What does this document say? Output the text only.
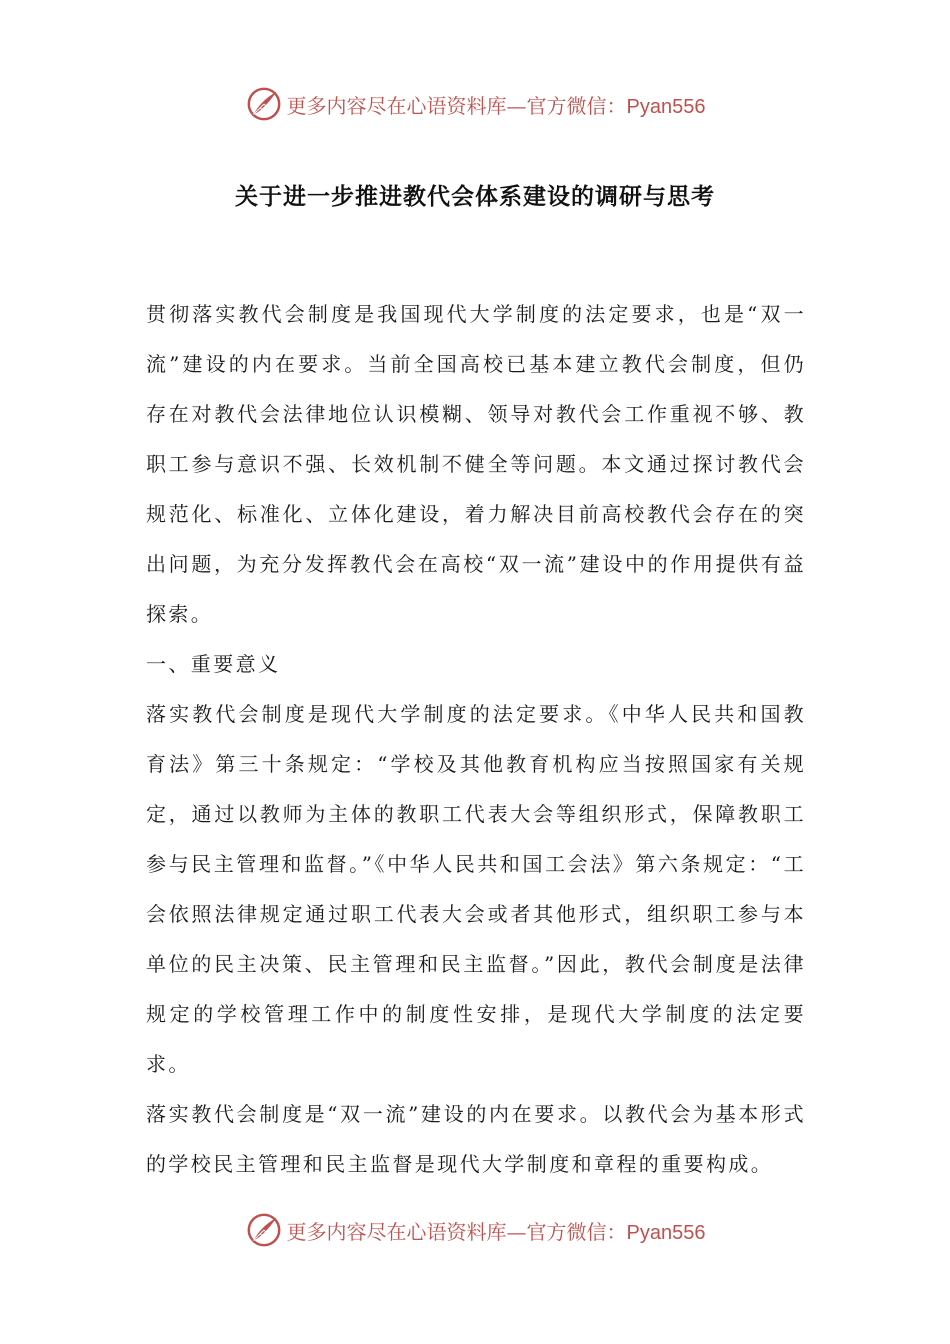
更多内容尽在心语资料库—官方微信：Pyan556
关于进一步推进教代会体系建设的调研与思考

贯彻落实教代会制度是我国现代大学制度的法定要求，也是“双一流”建设的内在要求。当前全国高校已基本建立教代会制度，但仍存在对教代会法律地位认识模糊、领导对教代会工作重视不够、教职工参与意识不强、长效机制不健全等问题。本文通过探讨教代会规范化、标准化、立体化建设，着力解决目前高校教代会存在的突出问题，为充分发挥教代会在高校“双一流”建设中的作用提供有益探索。

一、重要意义

落实教代会制度是现代大学制度的法定要求。《中华人民共和国教育法》第三十条规定：“学校及其他教育机构应当按照国家有关规定，通过以教师为主体的教职工代表大会等组织形式，保障教职工参与民主管理和监督。”《中华人民共和国工会法》第六条规定：“工会依照法律规定通过职工代表大会或者其他形式，组织职工参与本单位的民主决策、民主管理和民主监督。”因此，教代会制度是法律规定的学校管理工作中的制度性安排，是现代大学制度的法定要求。

落实教代会制度是“双一流”建设的内在要求。以教代会为基本形式的学校民主管理和民主监督是现代大学制度和章程的重要构成。

更多内容尽在心语资料库—官方微信：Pyan556
